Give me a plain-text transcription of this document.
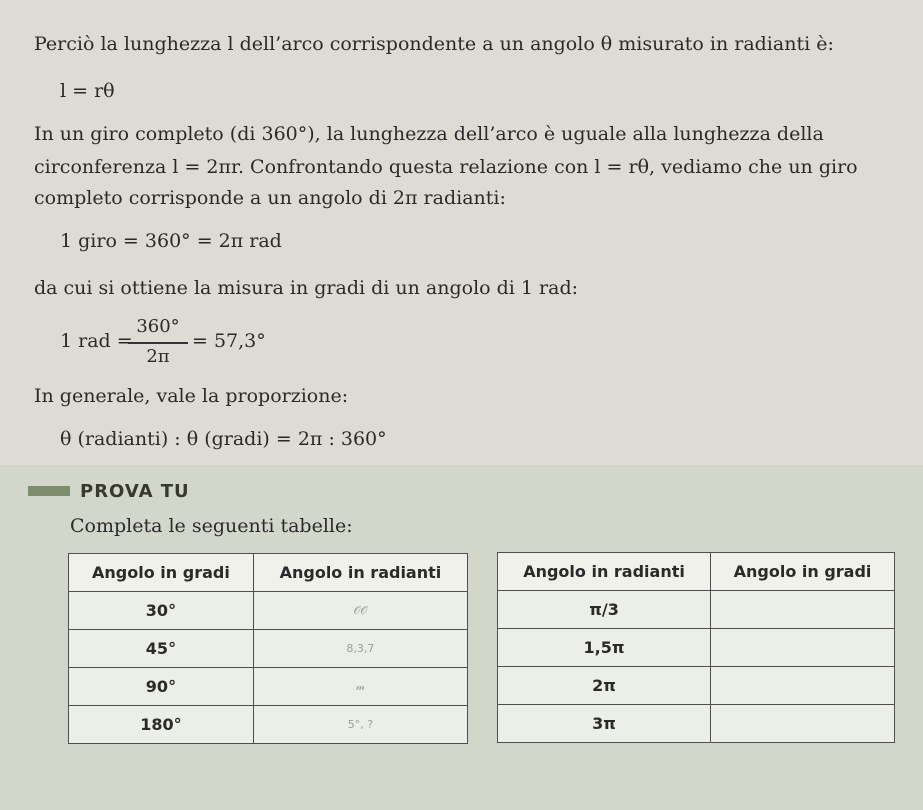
Perciò la lunghezza l dell’arco corrispondente a un angolo θ misurato in radianti è:
l = rθ
In un giro completo (di 360°), la lunghezza dell’arco è uguale alla lunghezza della
circonferenza l = 2πr. Confrontando questa relazione con l = rθ, vediamo che un giro
completo corrisponde a un angolo di 2π radianti:
1 giro = 360° = 2π rad
da cui si ottiene la misura in gradi di un angolo di 1 rad:
1 rad =
360°
2π
= 57,3°
In generale, vale la proporzione:
θ (radianti) : θ (gradi) = 2π : 360°
PROVA TU
Completa le seguenti tabelle:
Angolo in gradi	Angolo in radianti
30°	𝒪𝒪
45°	8,3,7
90°	𝓂
180°	5°, ?
Angolo in radianti	Angolo in gradi
π/3	
1,5π	
2π	
3π	
